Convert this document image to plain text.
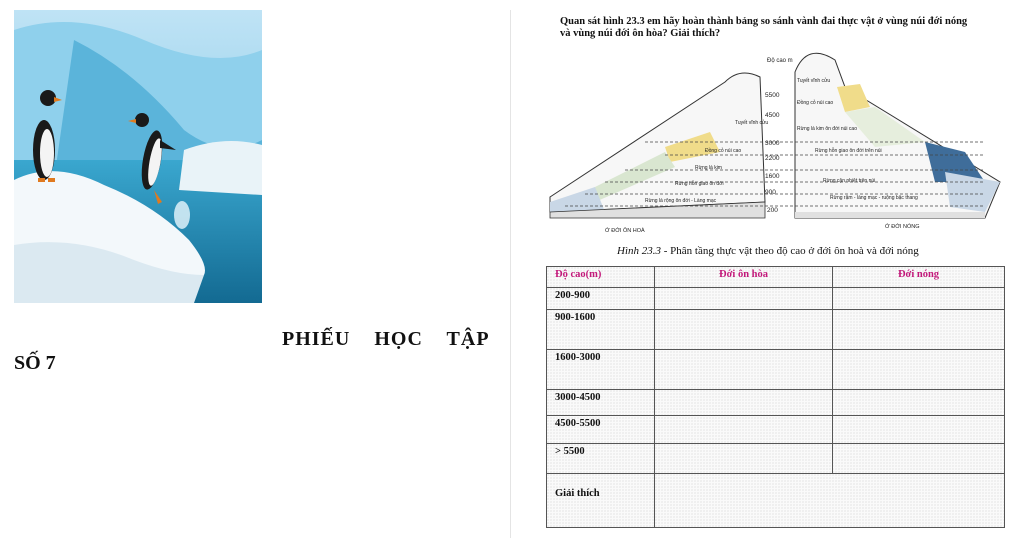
PHIẾU HỌC TẬP
SỐ 7
Quan sát hình 23.3 em hãy hoàn thành bảng so sánh vành đai thực vật ở vùng núi đới nóng và vùng núi đới ôn hòa? Giải thích?
Độ cao m
5500
4500
3000
2200
1600
900
200
Tuyết vĩnh cửu
Đồng cỏ núi cao
Rừng lá kim
Rừng hỗn giao ôn đới
Rừng lá rộng ôn đới - Làng mạc
Tuyết vĩnh cửu
Đồng cỏ núi cao
Rừng lá kim ôn đới núi cao
Rừng hỗn giao ôn đới trên núi
Rừng cận nhiệt trên núi
Rừng rậm - làng mạc - ruộng bậc thang
Ở ĐỚI ÔN HOÀ
Ở ĐỚI NÓNG
Hình 23.3 - Phân tầng thực vật theo độ cao ở đới ôn hoà và đới nóng
Độ cao(m)	Đới ôn hòa	Đới nóng
200-900		
900-1600		
1600-3000		
3000-4500		
4500-5500		
> 5500		
Giải thích		
